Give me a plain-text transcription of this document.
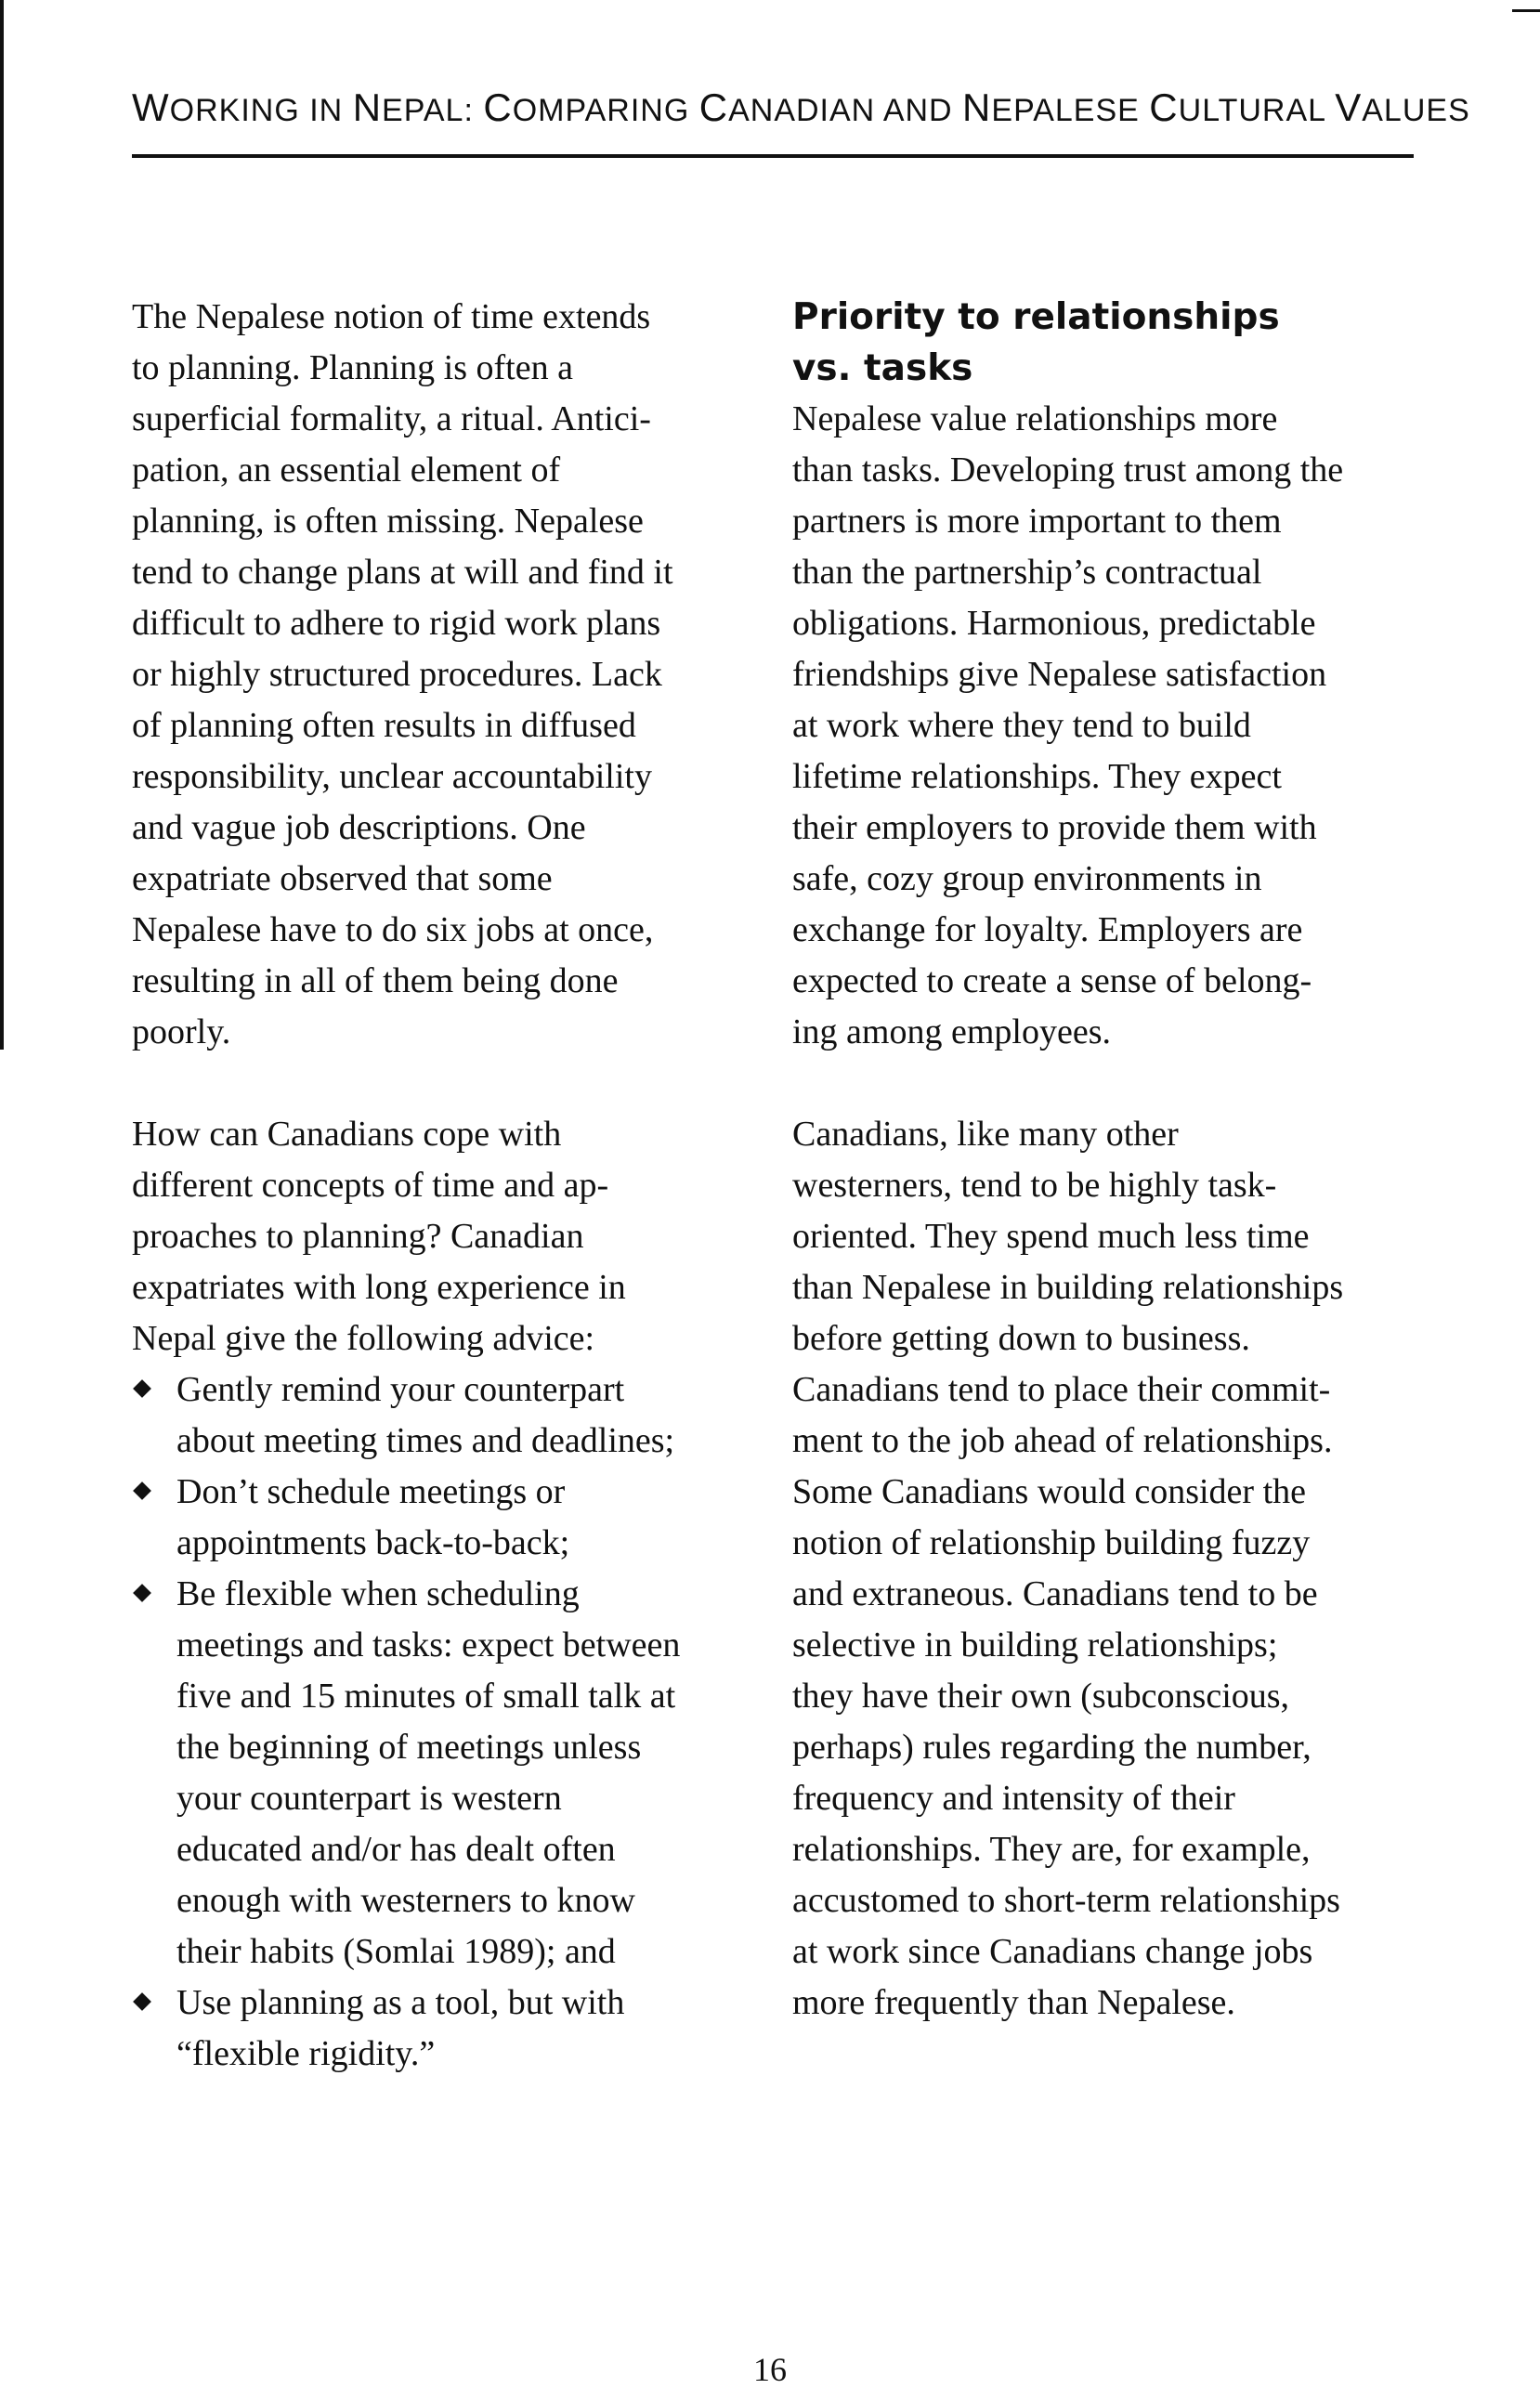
WORKING IN NEPAL: COMPARING CANADIAN AND NEPALESE CULTURAL VALUES

The Nepalese notion of time extends
to planning. Planning is often a
superficial formality, a ritual. Antici-
pation, an essential element of
planning, is often missing. Nepalese
tend to change plans at will and find it
difficult to adhere to rigid work plans
or highly structured procedures. Lack
of planning often results in diffused
responsibility, unclear accountability
and vague job descriptions. One
expatriate observed that some
Nepalese have to do six jobs at once,
resulting in all of them being done
poorly.

How can Canadians cope with
different concepts of time and ap-
proaches to planning? Canadian
expatriates with long experience in
Nepal give the following advice:

Gently remind your counterpart
about meeting times and deadlines;
Don’t schedule meetings or
appointments back-to-back;
Be flexible when scheduling
meetings and tasks: expect between
five and 15 minutes of small talk at
the beginning of meetings unless
your counterpart is western
educated and/or has dealt often
enough with westerners to know
their habits (Somlai 1989); and
Use planning as a tool, but with
“flexible rigidity.”
Priority to relationships
vs. tasks

Nepalese value relationships more
than tasks. Developing trust among the
partners is more important to them
than the partnership’s contractual
obligations. Harmonious, predictable
friendships give Nepalese satisfaction
at work where they tend to build
lifetime relationships. They expect
their employers to provide them with
safe, cozy group environments in
exchange for loyalty. Employers are
expected to create a sense of belong-
ing among employees.

Canadians, like many other
westerners, tend to be highly task-
oriented. They spend much less time
than Nepalese in building relationships
before getting down to business.
Canadians tend to place their commit-
ment to the job ahead of relationships.
Some Canadians would consider the
notion of relationship building fuzzy
and extraneous. Canadians tend to be
selective in building relationships;
they have their own (subconscious,
perhaps) rules regarding the number,
frequency and intensity of their
relationships. They are, for example,
accustomed to short-term relationships
at work since Canadians change jobs
more frequently than Nepalese.

16
